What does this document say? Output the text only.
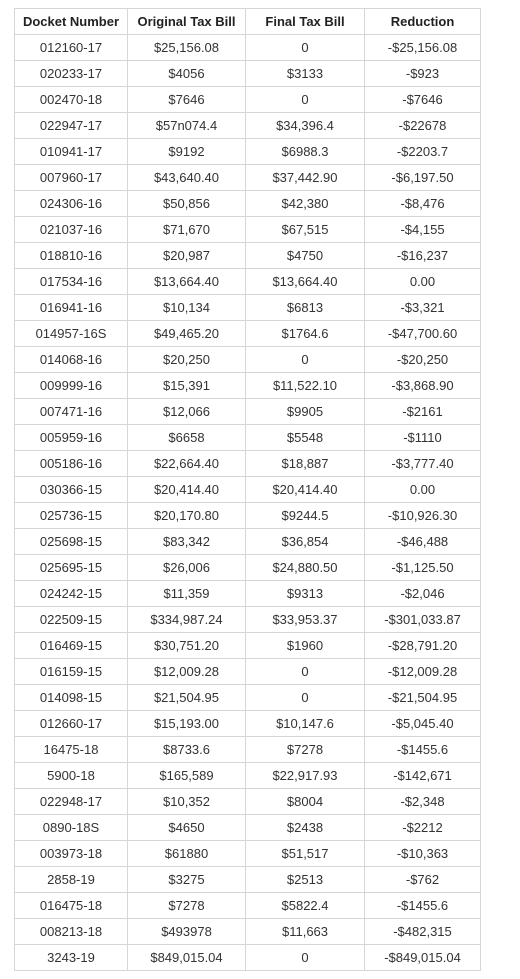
Docket Number	Original Tax Bill	Final Tax Bill	Reduction
012160-17	$25,156.08	0	-$25,156.08
020233-17	$4056	$3133	-$923
002470-18	$7646	0	-$7646
022947-17	$57n074.4	$34,396.4	-$22678
010941-17	$9192	$6988.3	-$2203.7
007960-17	$43,640.40	$37,442.90	-$6,197.50
024306-16	$50,856	$42,380	-$8,476
021037-16	$71,670	$67,515	-$4,155
018810-16	$20,987	$4750	-$16,237
017534-16	$13,664.40	$13,664.40	0.00
016941-16	$10,134	$6813	-$3,321
014957-16S	$49,465.20	$1764.6	-$47,700.60
014068-16	$20,250	0	-$20,250
009999-16	$15,391	$11,522.10	-$3,868.90
007471-16	$12,066	$9905	-$2161
005959-16	$6658	$5548	-$1110
005186-16	$22,664.40	$18,887	-$3,777.40
030366-15	$20,414.40	$20,414.40	0.00
025736-15	$20,170.80	$9244.5	-$10,926.30
025698-15	$83,342	$36,854	-$46,488
025695-15	$26,006	$24,880.50	-$1,125.50
024242-15	$11,359	$9313	-$2,046
022509-15	$334,987.24	$33,953.37	-$301,033.87
016469-15	$30,751.20	$1960	-$28,791.20
016159-15	$12,009.28	0	-$12,009.28
014098-15	$21,504.95	0	-$21,504.95
012660-17	$15,193.00	$10,147.6	-$5,045.40
16475-18	$8733.6	$7278	-$1455.6
5900-18	$165,589	$22,917.93	-$142,671
022948-17	$10,352	$8004	-$2,348
0890-18S	$4650	$2438	-$2212
003973-18	$61880	$51,517	-$10,363
2858-19	$3275	$2513	-$762
016475-18	$7278	$5822.4	-$1455.6
008213-18	$493978	$11,663	-$482,315
3243-19	$849,015.04	0	-$849,015.04
